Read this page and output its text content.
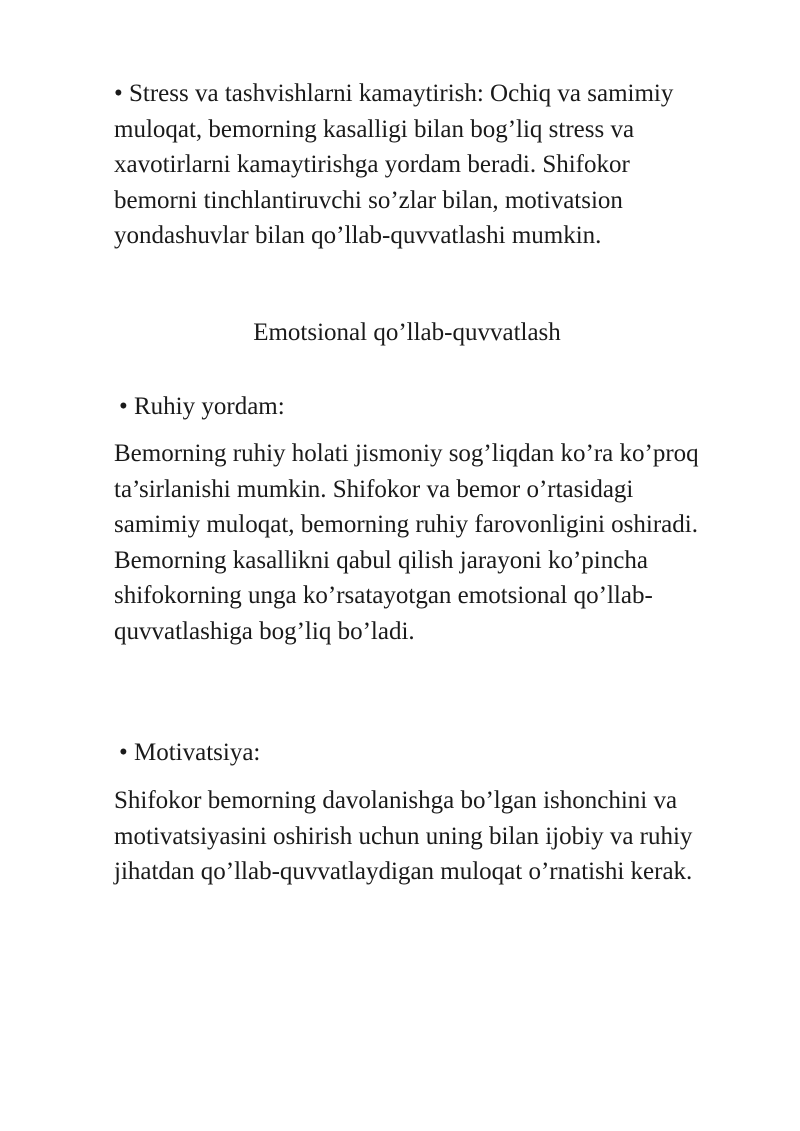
• Stress va tashvishlarni kamaytirish: Ochiq va samimiy
muloqat, bemorning kasalligi bilan bog’liq stress va
xavotirlarni kamaytirishga yordam beradi. Shifokor
bemorni tinchlantiruvchi so’zlar bilan, motivatsion
yondashuvlar bilan qo’llab-quvvatlashi mumkin.

Emotsional qo’llab-quvvatlash

• Ruhiy yordam:

Bemorning ruhiy holati jismoniy sog’liqdan ko’ra ko’proq
ta’sirlanishi mumkin. Shifokor va bemor o’rtasidagi
samimiy muloqat, bemorning ruhiy farovonligini oshiradi.
Bemorning kasallikni qabul qilish jarayoni ko’pincha
shifokorning unga ko’rsatayotgan emotsional qo’llab-
quvvatlashiga bog’liq bo’ladi.

• Motivatsiya:

Shifokor bemorning davolanishga bo’lgan ishonchini va
motivatsiyasini oshirish uchun uning bilan ijobiy va ruhiy
jihatdan qo’llab-quvvatlaydigan muloqat o’rnatishi kerak.
